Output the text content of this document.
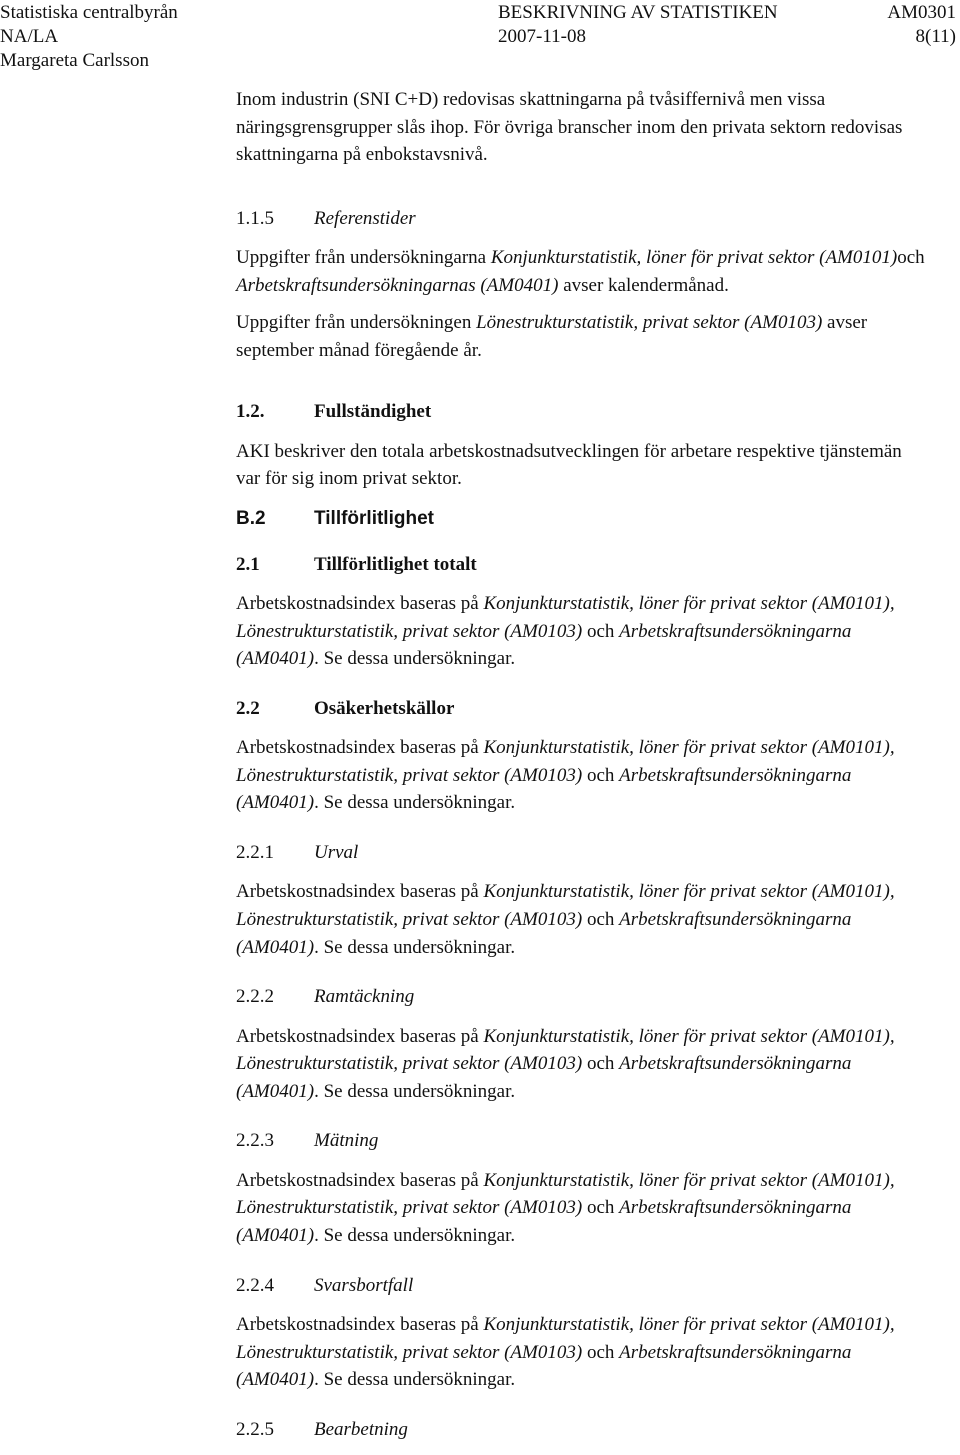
Statistiska centralbyrån	BESKRIVNING AV STATISTIKEN	AM0301
NA/LA	2007-11-08	8(11)
Margareta Carlsson

Inom industrin (SNI C+D) redovisas skattningarna på tvåsiffernivå men vissa näringsgrensgrupper slås ihop. För övriga branscher inom den privata sektorn redovisas skattningarna på enbokstavsnivå.

1.1.5	Referenstider

Uppgifter från undersökningarna Konjunkturstatistik, löner för privat sektor (AM0101)och Arbetskraftsundersökningarnas (AM0401) avser kalendermånad.

Uppgifter från undersökningen Lönestrukturstatistik, privat sektor (AM0103) avser september månad föregående år.

1.2.	Fullständighet

AKI beskriver den totala arbetskostnadsutvecklingen för arbetare respektive tjänstemän var för sig inom privat sektor.

B.2	Tillförlitlighet
2.1	Tillförlitlighet totalt

Arbetskostnadsindex baseras på Konjunkturstatistik, löner för privat sektor (AM0101), Lönestrukturstatistik, privat sektor (AM0103) och Arbetskraftsundersökningarna (AM0401). Se dessa undersökningar.

2.2	Osäkerhetskällor

Arbetskostnadsindex baseras på Konjunkturstatistik, löner för privat sektor (AM0101), Lönestrukturstatistik, privat sektor (AM0103) och Arbetskraftsundersökningarna (AM0401). Se dessa undersökningar.

2.2.1	Urval

Arbetskostnadsindex baseras på Konjunkturstatistik, löner för privat sektor (AM0101), Lönestrukturstatistik, privat sektor (AM0103) och Arbetskraftsundersökningarna (AM0401). Se dessa undersökningar.

2.2.2	Ramtäckning

Arbetskostnadsindex baseras på Konjunkturstatistik, löner för privat sektor (AM0101), Lönestrukturstatistik, privat sektor (AM0103) och Arbetskraftsundersökningarna (AM0401). Se dessa undersökningar.

2.2.3	Mätning

Arbetskostnadsindex baseras på Konjunkturstatistik, löner för privat sektor (AM0101), Lönestrukturstatistik, privat sektor (AM0103) och Arbetskraftsundersökningarna (AM0401). Se dessa undersökningar.

2.2.4	Svarsbortfall

Arbetskostnadsindex baseras på Konjunkturstatistik, löner för privat sektor (AM0101), Lönestrukturstatistik, privat sektor (AM0103) och Arbetskraftsundersökningarna (AM0401). Se dessa undersökningar.

2.2.5	Bearbetning
